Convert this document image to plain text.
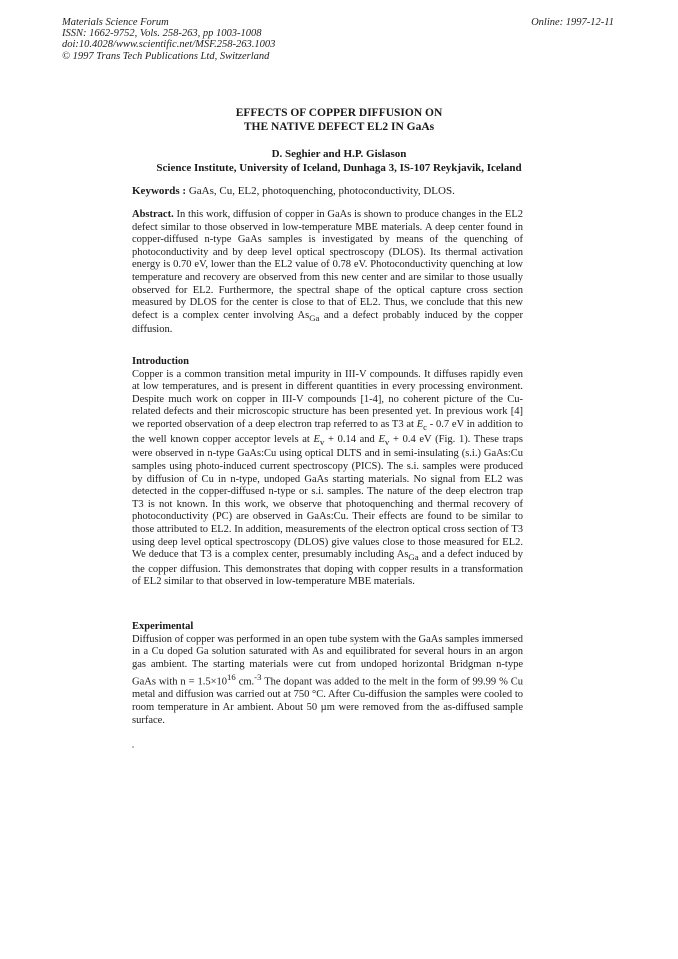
Materials Science Forum
ISSN: 1662-9752, Vols. 258-263, pp 1003-1008
doi:10.4028/www.scientific.net/MSF.258-263.1003
© 1997 Trans Tech Publications Ltd, Switzerland
Online: 1997-12-11
EFFECTS OF COPPER DIFFUSION ON
THE NATIVE DEFECT EL2 IN GaAs
D. Seghier and H.P. Gislason
Science Institute, University of Iceland, Dunhaga 3, IS-107 Reykjavik, Iceland
Keywords : GaAs, Cu, EL2, photoquenching, photoconductivity, DLOS.
Abstract. In this work, diffusion of copper in GaAs is shown to produce changes in the EL2 defect similar to those observed in low-temperature MBE materials. A deep center found in copper-diffused n-type GaAs samples is investigated by means of the quenching of photoconductivity and by deep level optical spectroscopy (DLOS). Its thermal activation energy is 0.70 eV, lower than the EL2 value of 0.78 eV. Photoconductivity quenching at low temperature and recovery are observed from this new center and are similar to those usually observed for EL2. Furthermore, the spectral shape of the optical capture cross section measured by DLOS for the center is close to that of EL2. Thus, we conclude that this new defect is a complex center involving $As_{Ga}$ and a defect probably induced by the copper diffusion.
Introduction
Copper is a common transition metal impurity in III-V compounds. It diffuses rapidly even at low temperatures, and is present in different quantities in every processing environment. Despite much work on copper in III-V compounds [1-4], no coherent picture of the Cu-related defects and their microscopic structure has been presented yet. In previous work [4] we reported observation of a deep electron trap referred to as T3 at $E_c - 0.7$ eV in addition to the well known copper acceptor levels at $E_v + 0.14$ and $E_v + 0.4$ eV (Fig. 1). These traps were observed in n-type GaAs:Cu using optical DLTS and in semi-insulating (s.i.) GaAs:Cu samples using photo-induced current spectroscopy (PICS). The s.i. samples were produced by diffusion of Cu in n-type, undoped GaAs starting materials. No signal from EL2 was detected in the copper-diffused n-type or s.i. samples. The nature of the deep electron trap T3 is not known. In this work, we observe that photoquenching and thermal recovery of photoconductivity (PC) are observed in GaAs:Cu. Their effects are found to be similar to those attributed to EL2. In addition, measurements of the electron optical cross section of T3 using deep level optical spectroscopy (DLOS) give values close to those measured for EL2. We deduce that T3 is a complex center, presumably including $As_{Ga}$ and a defect induced by the copper diffusion. This demonstrates that doping with copper results in a transformation of EL2 similar to that observed in low-temperature MBE materials.
Experimental
Diffusion of copper was performed in an open tube system with the GaAs samples immersed in a Cu doped Ga solution saturated with As and equilibrated for several hours in an argon gas ambient. The starting materials were cut from undoped horizontal Bridgman n-type GaAs with $n = 1.5\times 10^{16}$ cm.$^{-3}$ The dopant was added to the melt in the form of 99.99 % Cu metal and diffusion was carried out at 750 °C. After Cu-diffusion the samples were cooled to room temperature in Ar ambient. About 50 µm were removed from the as-diffused sample surface.
